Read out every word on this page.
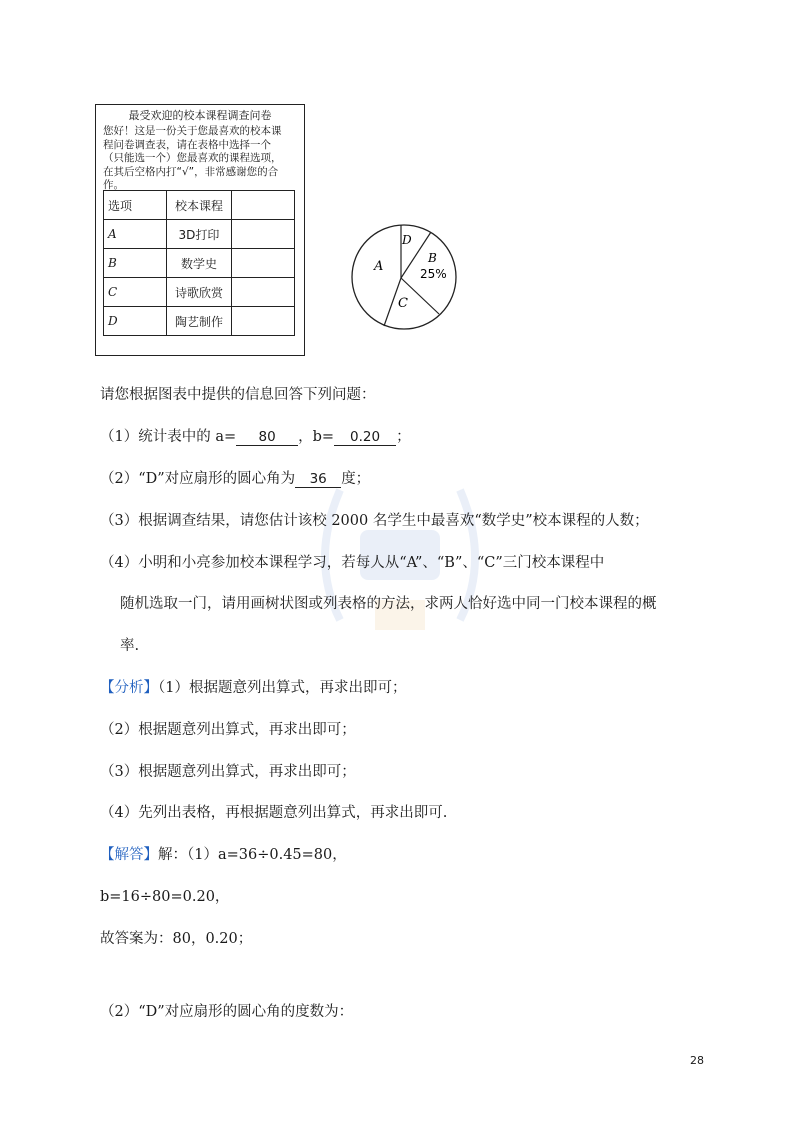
最受欢迎的校本课程调查问卷
您好！这是一份关于您最喜欢的校本课
程问卷调查表，请在表格中选择一个
（只能选一个）您最喜欢的课程选项，
在其后空格内打“√”，非常感谢您的合
作。
选项	校本课程	
A	3D打印	
B	数学史	
C	诗歌欣赏	
D	陶艺制作	
A
B
25%
C
D
请您根据图表中提供的信息回答下列问题：
（1）统计表中的 a= 80 ，b= 0.20 ；
（2）“D”对应扇形的圆心角为 36 度；
（3）根据调查结果，请您估计该校 2000 名学生中最喜欢“数学史”校本课程的人数；
（4）小明和小亮参加校本课程学习，若每人从“A”、“B”、“C”三门校本课程中
随机选取一门，请用画树状图或列表格的方法，求两人恰好选中同一门校本课程的概
率.
【分析】（1）根据题意列出算式，再求出即可；
（2）根据题意列出算式，再求出即可；
（3）根据题意列出算式，再求出即可；
（4）先列出表格，再根据题意列出算式，再求出即可.
【解答】解：（1）a=36÷0.45=80，
b=16÷80=0.20，
故答案为：80，0.20；
（2）“D”对应扇形的圆心角的度数为：
28
